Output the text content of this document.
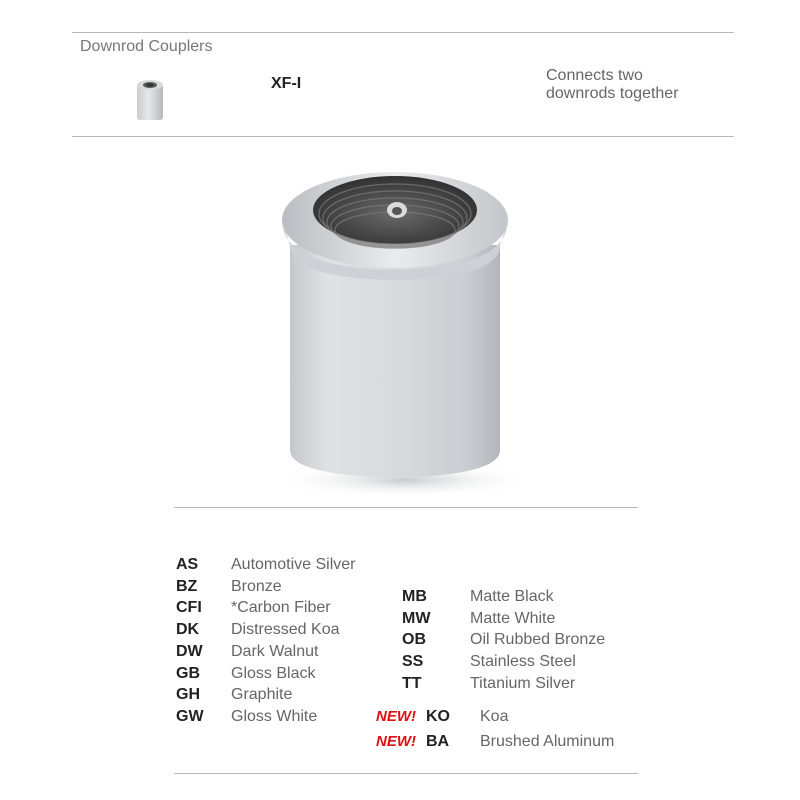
Downrod Couplers
XF-I	Connects two
downrods together
AS Automotive Silver
BZ Bronze
CFI *Carbon Fiber
DK Distressed Koa
DW Dark Walnut
GB Gloss Black
GH Graphite
GW Gloss White
MB	Matte Black
MW Matte White
OB	Oil Rubbed Bronze
SS	Stainless Steel
TT	Titanium Silver
NEW! KO Koa
NEW! BA Brushed Aluminum
